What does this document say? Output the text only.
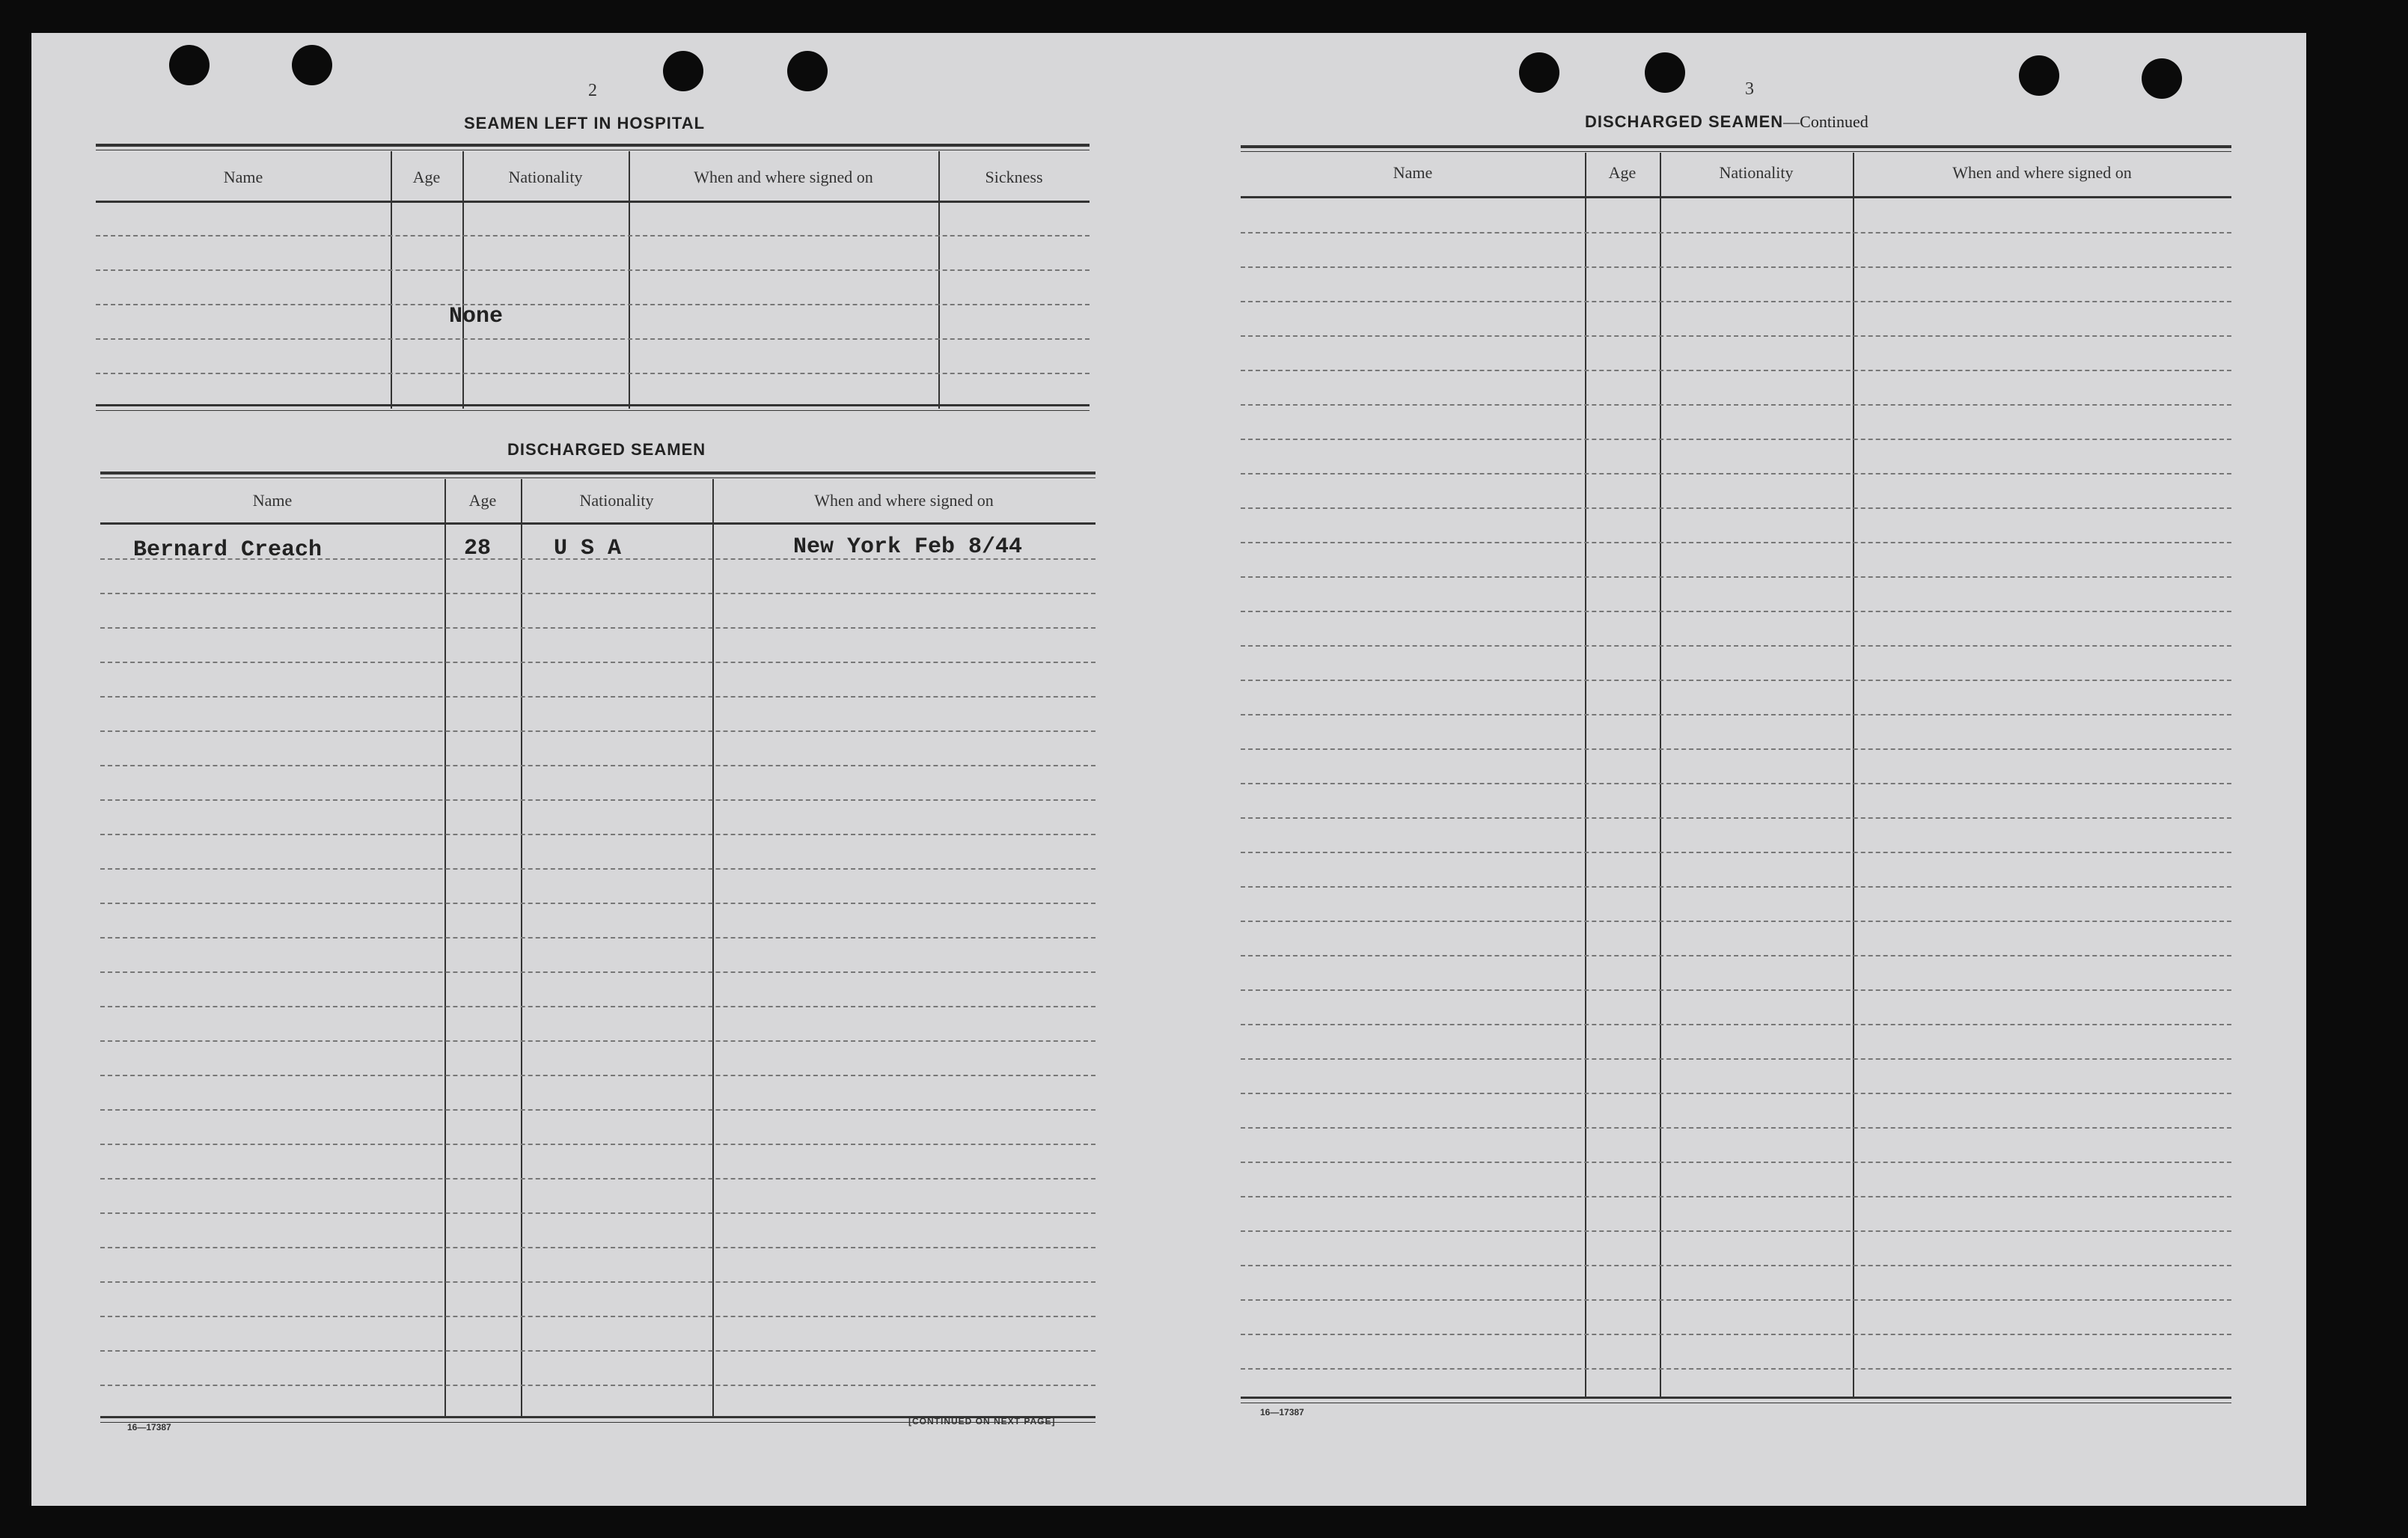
2
SEAMEN LEFT IN HOSPITAL
Name	Age	Nationality	When and where signed on	Sickness
None
DISCHARGED SEAMEN
Name	Age	Nationality	When and where signed on
Bernard Creach	28	U S A	New York Feb 8/44
16—17387
[CONTINUED ON NEXT PAGE]
3
DISCHARGED SEAMEN—Continued
Name	Age	Nationality	When and where signed on
16—17387
